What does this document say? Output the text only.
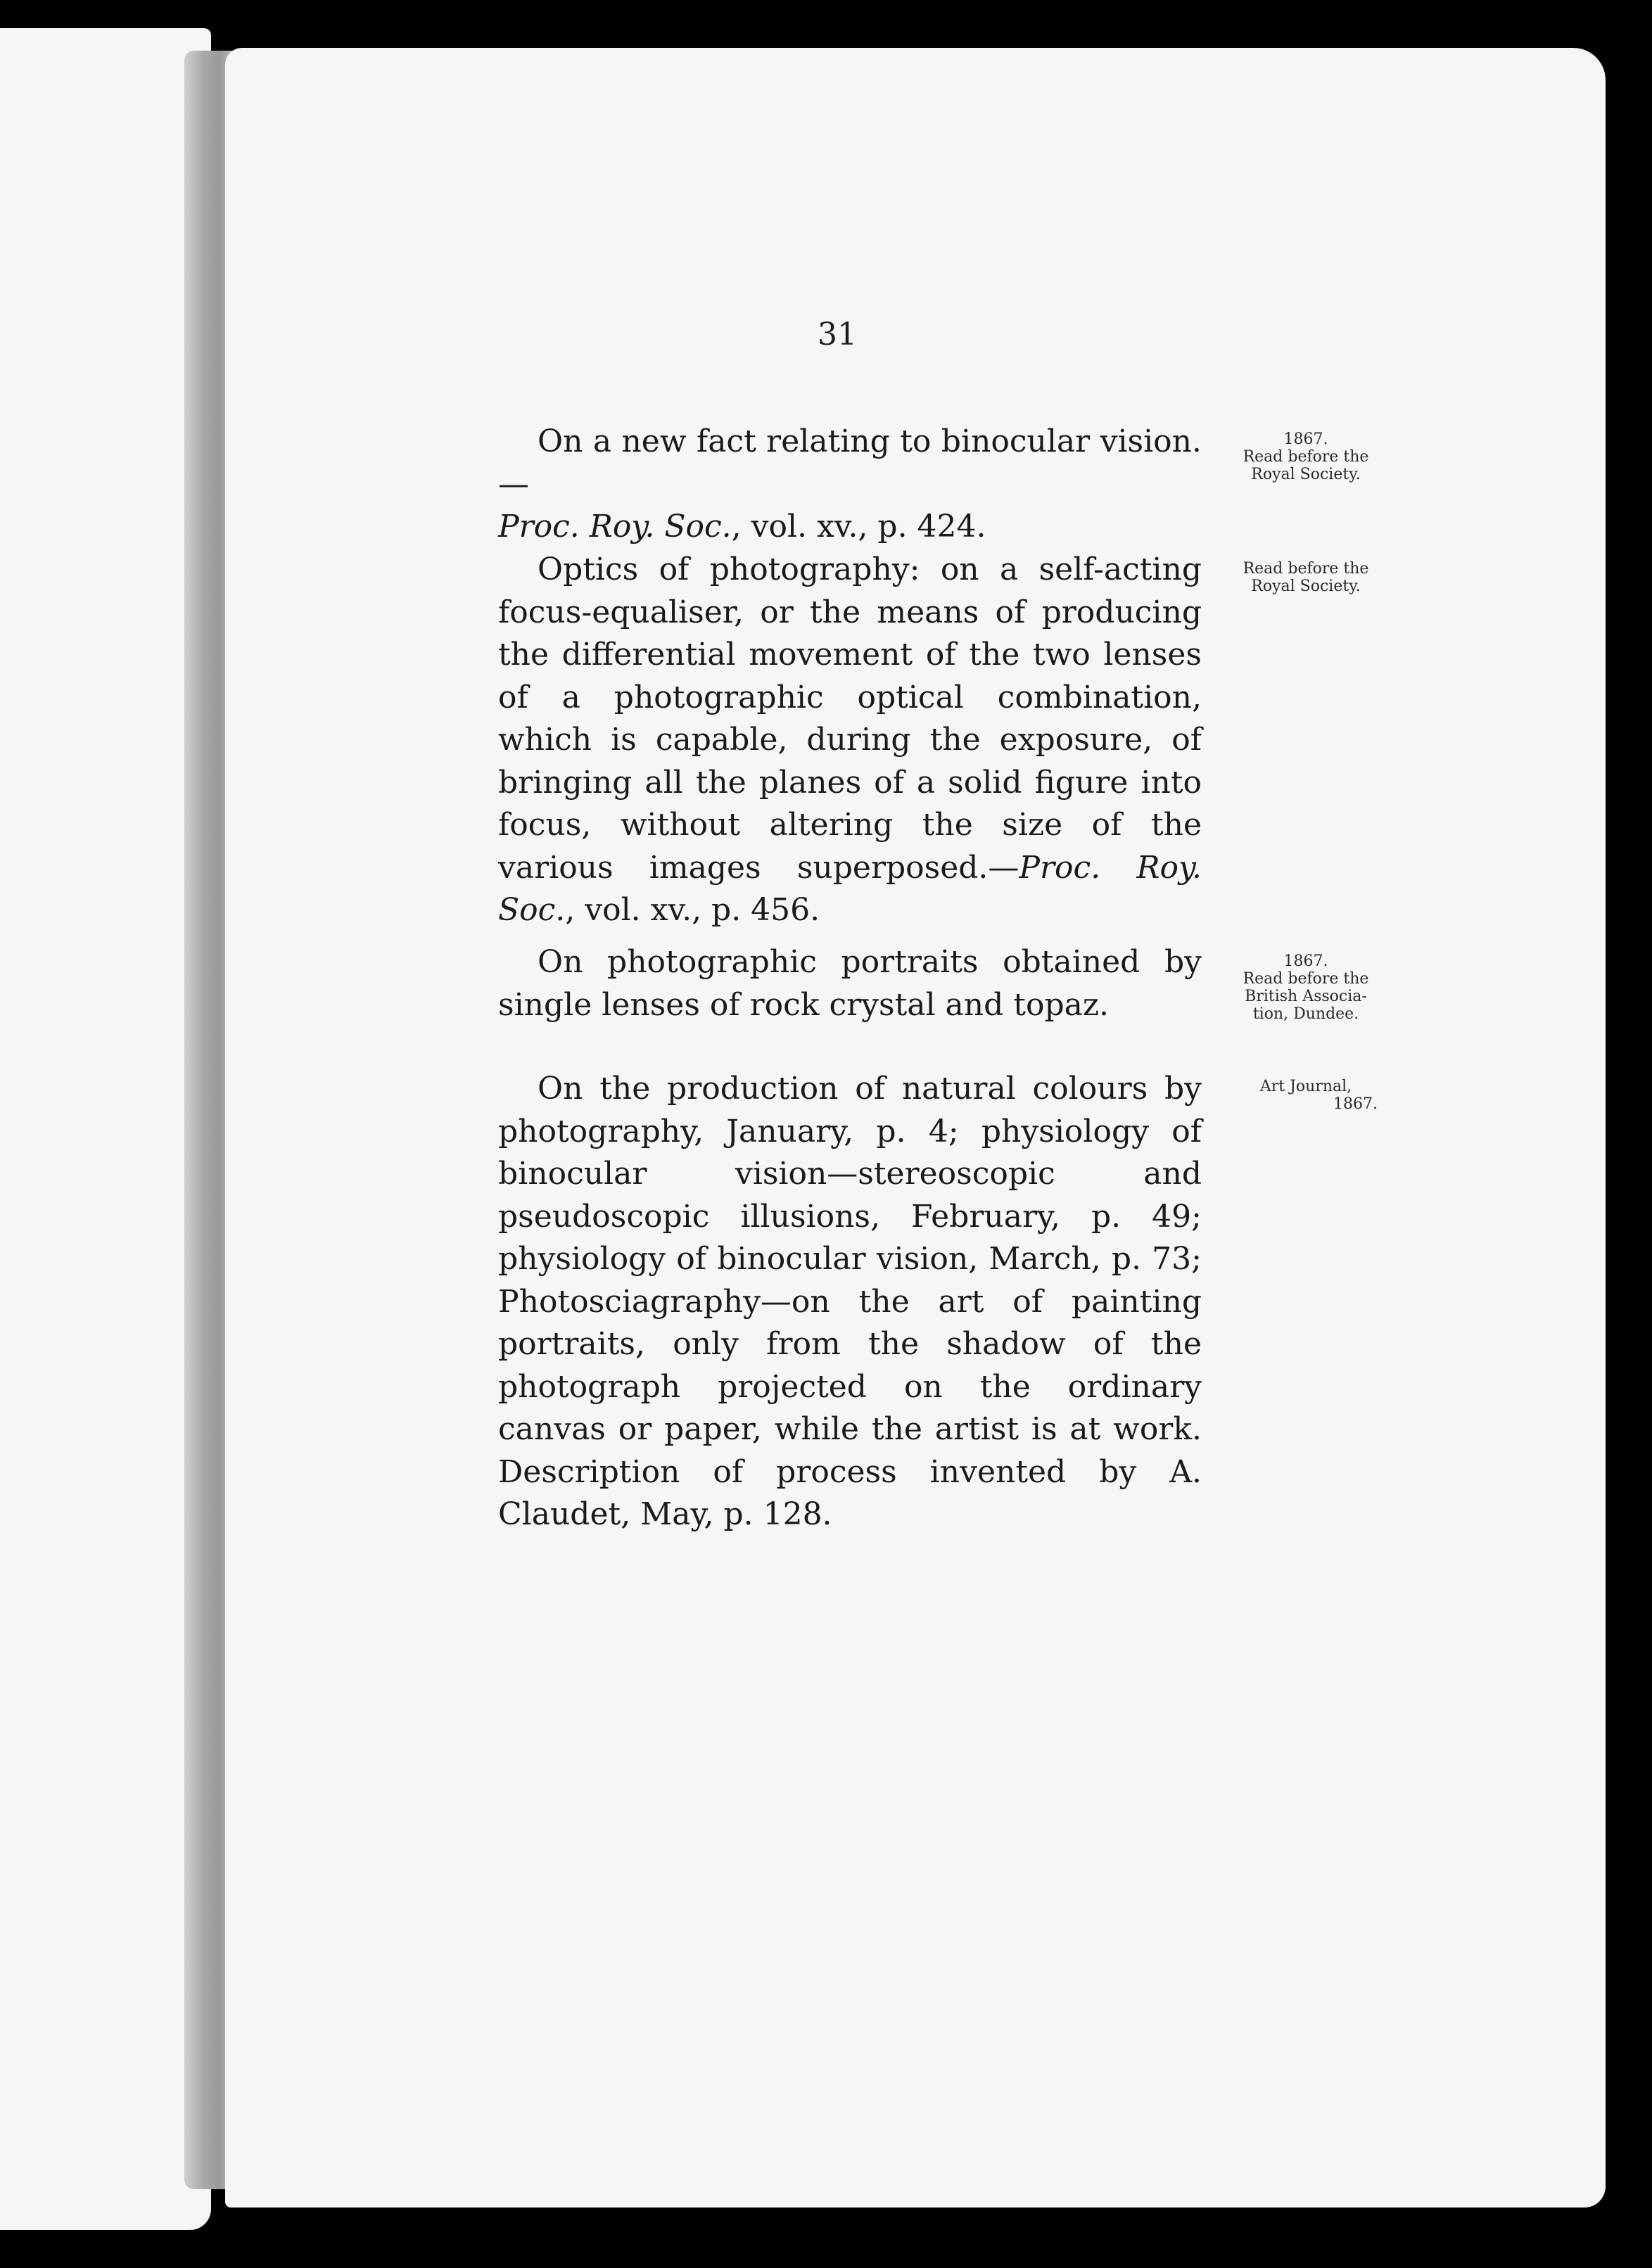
31

On a new fact relating to binocular vision.—
Proc. Roy. Soc., vol. xv., p. 424.

1867.
Read before the
Royal Society.

Optics of photography: on a self-acting focus-equaliser, or the means of producing the differential movement of the two lenses of a photographic optical combination, which is capable, during the exposure, of bringing all the planes of a solid figure into focus, without altering the size of the various images superposed.—Proc. Roy. Soc., vol. xv., p. 456.

Read before the
Royal Society.

On photographic portraits obtained by single lenses of rock crystal and topaz.

1867.
Read before the
British Associa-
tion, Dundee.

On the production of natural colours by photography, January, p. 4; physiology of binocular vision—stereoscopic and pseudoscopic illusions, February, p. 49; physiology of binocular vision, March, p. 73; Photosciagraphy—on the art of painting portraits, only from the shadow of the photograph projected on the ordinary canvas or paper, while the artist is at work. Description of process invented by A. Claudet, May, p. 128.

Art Journal,
1867.
